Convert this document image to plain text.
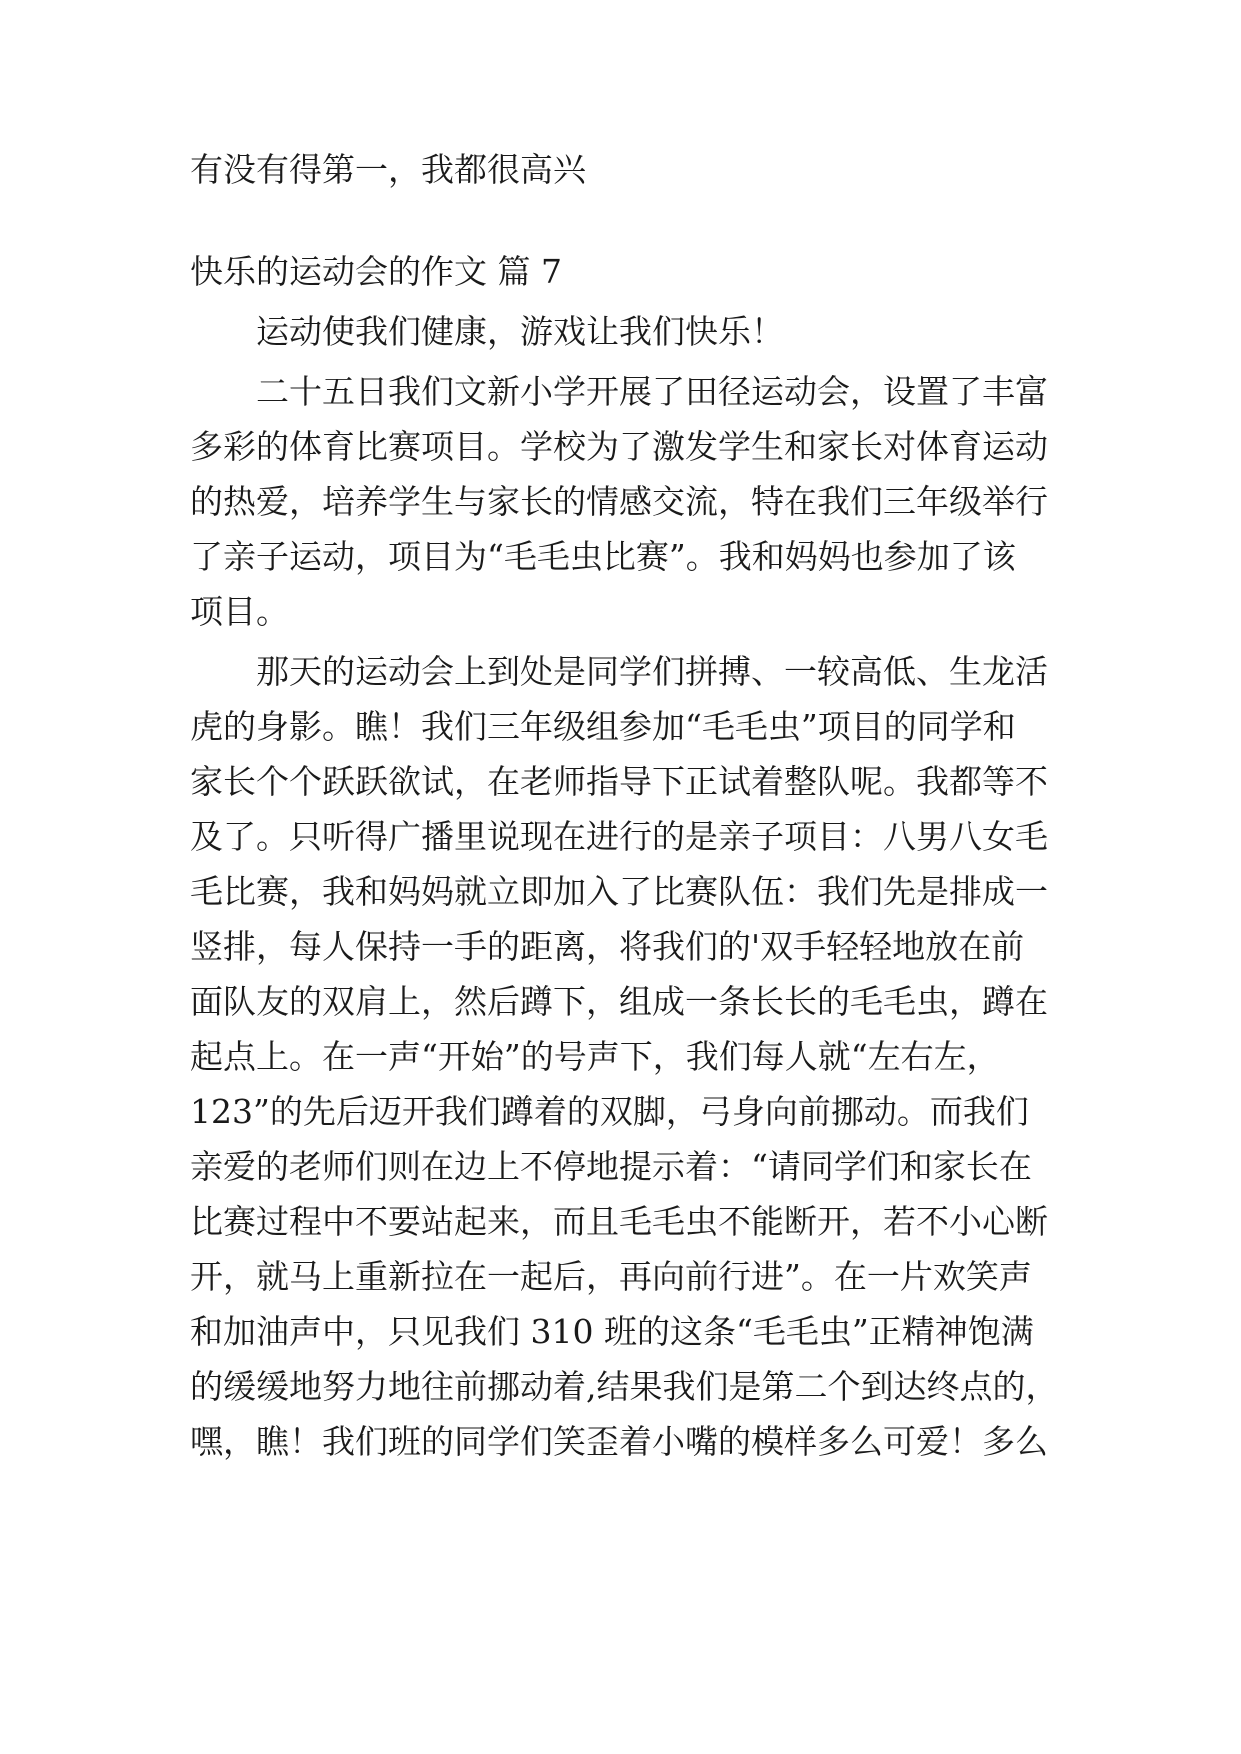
有没有得第一，我都很高兴

快乐的运动会的作文 篇 7

运动使我们健康，游戏让我们快乐！

二十五日我们文新小学开展了田径运动会，设置了丰富

多彩的体育比赛项目。学校为了激发学生和家长对体育运动

的热爱，培养学生与家长的情感交流，特在我们三年级举行

了亲子运动，项目为“毛毛虫比赛”。我和妈妈也参加了该

项目。

那天的运动会上到处是同学们拼搏、一较高低、生龙活

虎的身影。瞧！我们三年级组参加“毛毛虫”项目的同学和

家长个个跃跃欲试，在老师指导下正试着整队呢。我都等不

及了。只听得广播里说现在进行的是亲子项目：八男八女毛

毛比赛，我和妈妈就立即加入了比赛队伍：我们先是排成一

竖排，每人保持一手的距离，将我们的'双手轻轻地放在前

面队友的双肩上，然后蹲下，组成一条长长的毛毛虫，蹲在

起点上。在一声“开始”的号声下，我们每人就“左右左，

123”的先后迈开我们蹲着的双脚，弓身向前挪动。而我们

亲爱的老师们则在边上不停地提示着：“请同学们和家长在

比赛过程中不要站起来，而且毛毛虫不能断开，若不小心断

开，就马上重新拉在一起后，再向前行进”。在一片欢笑声

和加油声中，只见我们 310 班的这条“毛毛虫”正精神饱满

的缓缓地努力地往前挪动着,结果我们是第二个到达终点的，

嘿，瞧！我们班的同学们笑歪着小嘴的模样多么可爱！多么
